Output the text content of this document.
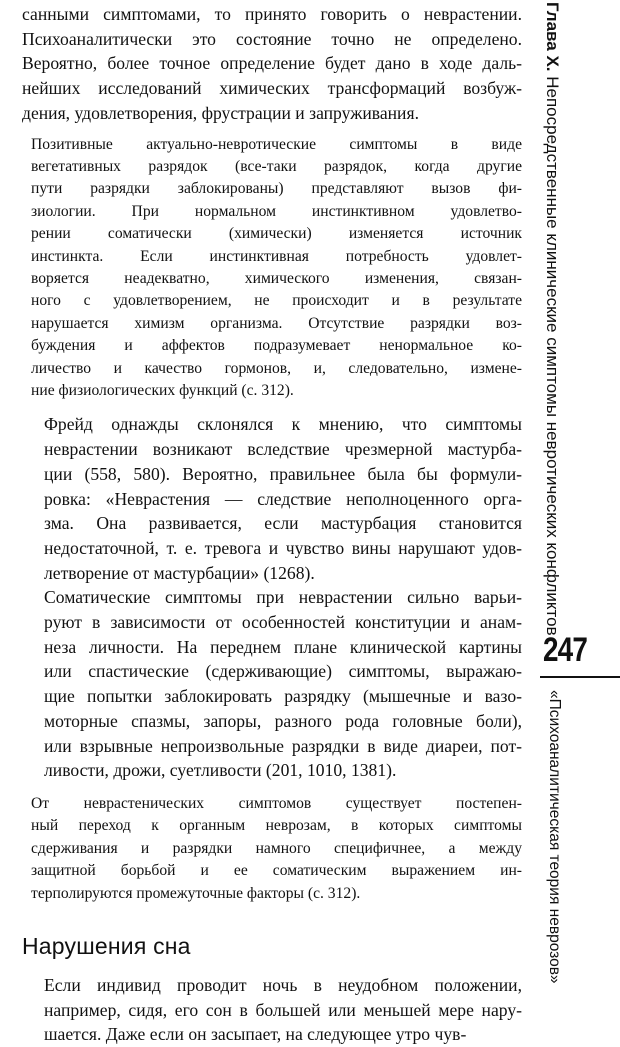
санными симптомами, то принято говорить о неврастении.
Психоаналитически это состояние точно не определено.
Вероятно, более точное определение будет дано в ходе даль-
нейших исследований химических трансформаций возбуж-
дения, удовлетворения, фрустрации и запруживания.

Позитивные актуально-невротические симптомы в виде
вегетативных разрядок (все-таки разрядок, когда другие
пути разрядки заблокированы) представляют вызов фи-
зиологии. При нормальном инстинктивном удовлетво-
рении соматически (химически) изменяется источник
инстинкта. Если инстинктивная потребность удовлет-
воряется неадекватно, химического изменения, связан-
ного с удовлетворением, не происходит и в результате
нарушается химизм организма. Отсутствие разрядки воз-
буждения и аффектов подразумевает ненормальное ко-
личество и качество гормонов, и, следовательно, измене-
ние физиологических функций (с. 312).

Фрейд однажды склонялся к мнению, что симптомы
неврастении возникают вследствие чрезмерной мастурба-
ции (558, 580). Вероятно, правильнее была бы формули-
ровка: «Неврастения — следствие неполноценного орга-
зма. Она развивается, если мастурбация становится
недостаточной, т. е. тревога и чувство вины нарушают удов-
летворение от мастурбации» (1268).

Соматические симптомы при неврастении сильно варьи-
руют в зависимости от особенностей конституции и анам-
неза личности. На переднем плане клинической картины
или спастические (сдерживающие) симптомы, выражаю-
щие попытки заблокировать разрядку (мышечные и вазо-
моторные спазмы, запоры, разного рода головные боли),
или взрывные непроизвольные разрядки в виде диареи, пот-
ливости, дрожи, суетливости (201, 1010, 1381).

От неврастенических симптомов существует постепен-
ный переход к органным неврозам, в которых симптомы
сдерживания и разрядки намного специфичнее, а между
защитной борьбой и ее соматическим выражением ин-
терполируются промежуточные факторы (с. 312).

Нарушения сна

Если индивид проводит ночь в неудобном положении,
например, сидя, его сон в большей или меньшей мере нару-
шается. Даже если он засыпает, на следующее утро чув-

Глава X. Непосредственные клинические симптомы невротических конфликтов
247
«Психоаналитическая теория неврозов»
